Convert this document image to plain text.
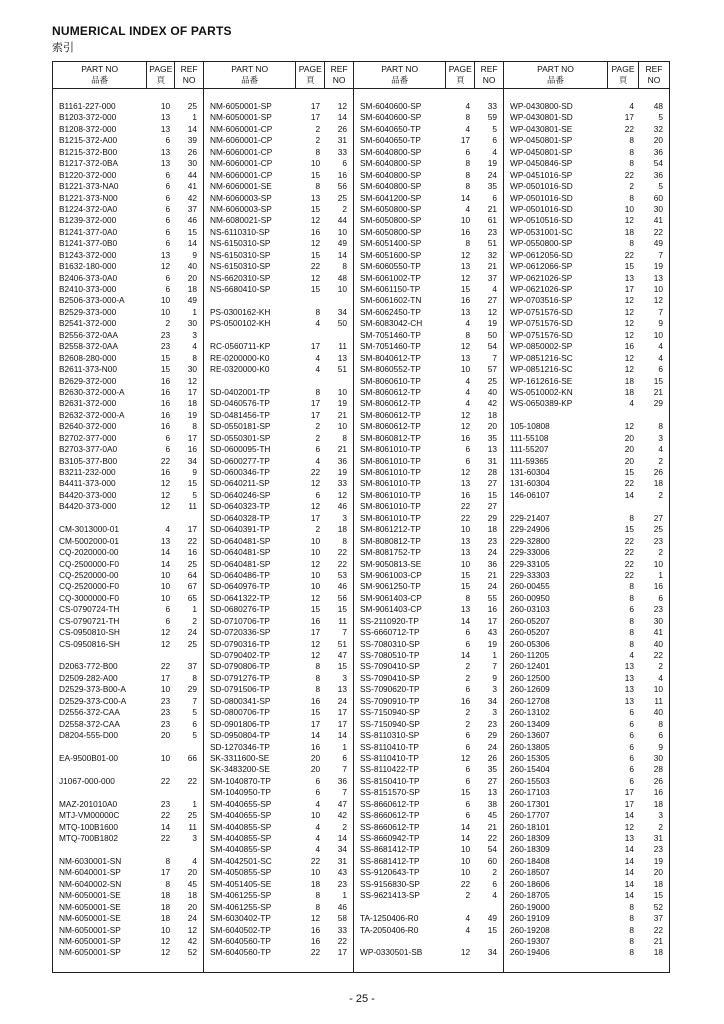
NUMERICAL INDEX OF PARTS
索引
PART NO
品番
PAGE
頁
REF
NO
B1161-227-000	10	25
B1203-372-000	13	1
B1208-372-000	13	14
B1215-372-A00	6	39
B1215-372-B00	13	26
B1217-372-0BA	13	30
B1220-372-000	6	44
B1221-373-NA0	6	41
B1221-373-N00	6	42
B1224-372-0A0	6	37
B1239-372-000	6	46
B1241-377-0A0	6	15
B1241-377-0B0	6	14
B1243-372-000	13	9
B1632-180-000	12	40
B2406-373-0A0	6	20
B2410-373-000	6	18
B2506-373-000-A	10	49
B2529-373-000	10	1
B2541-372-000	2	30
B2556-372-0AA	23	3
B2558-372-0AA	23	4
B2608-280-000	15	8
B2611-373-N00	15	30
B2629-372-000	16	12
B2630-372-000-A	16	17
B2631-372-000	16	18
B2632-372-000-A	16	19
B2640-372-000	16	8
B2702-377-000	6	17
B2703-377-0A0	6	16
B3105-377-B00	22	34
B3211-232-000	16	9
B4411-373-000	12	15
B4420-373-000	12	5
B4420-373-000	12	11
CM-3013000-01	4	17
CM-5002000-01	13	22
CQ-2020000-00	14	16
CQ-2500000-F0	14	25
CQ-2520000-00	10	64
CQ-2520000-F0	10	67
CQ-3000000-F0	10	65
CS-0790724-TH	6	1
CS-0790721-TH	6	2
CS-0950810-SH	12	24
CS-0950816-SH	12	25
D2063-772-B00	22	37
D2509-282-A00	17	8
D2529-373-B00-A	10	29
D2529-373-C00-A	23	7
D2556-372-CAA	23	5
D2558-372-CAA	23	6
D8204-555-D00	20	5
EA-9500B01-00	10	66
J1067-000-000	22	22
MAZ-201010A0	23	1
MTJ-VM00000C	22	25
MTQ-100B1600	14	11
MTQ-700B1802	22	3
NM-6030001-SN	8	4
NM-6040001-SP	17	20
NM-6040002-SN	8	45
NM-6050001-SE	18	18
NM-6050001-SE	18	20
NM-6050001-SE	18	24
NM-6050001-SP	10	12
NM-6050001-SP	12	42
NM-6050001-SP	12	52
PART NO
品番
PAGE
頁
REF
NO
NM-6050001-SP	17	12
NM-6050001-SP	17	14
NM-6060001-CP	2	26
NM-6060001-CP	2	31
NM-6060001-CP	8	33
NM-6060001-CP	10	6
NM-6060001-CP	15	16
NM-6060001-SE	8	56
NM-6060003-SP	13	25
NM-6060003-SP	15	2
NM-6080021-SP	12	44
NS-6110310-SP	16	10
NS-6150310-SP	12	49
NS-6150310-SP	15	14
NS-6150310-SP	22	8
NS-6620310-SP	12	48
NS-6680410-SP	15	10
PS-0300162-KH	8	34
PS-0500102-KH	4	50
RC-0560711-KP	17	11
RE-0200000-K0	4	13
RE-0320000-K0	4	51
SD-0402001-TP	8	10
SD-0460576-TP	17	19
SD-0481456-TP	17	21
SD-0550181-SP	2	10
SD-0550301-SP	2	8
SD-0600095-TH	6	21
SD-0600277-TP	4	36
SD-0600346-TP	22	19
SD-0640211-SP	12	33
SD-0640246-SP	6	12
SD-0640323-TP	12	46
SD-0640328-TP	17	3
SD-0640391-TP	2	18
SD-0640481-SP	10	8
SD-0640481-SP	10	22
SD-0640481-SP	12	22
SD-0640486-TP	10	53
SD-0640976-TP	10	46
SD-0641322-TP	12	56
SD-0680276-TP	15	15
SD-0710706-TP	16	11
SD-0720336-SP	17	7
SD-0790316-TP	12	51
SD-0790402-TP	12	47
SD-0790806-TP	8	15
SD-0791276-TP	8	3
SD-0791506-TP	8	13
SD-0800341-SP	16	24
SD-0800706-TP	15	17
SD-0901806-TP	17	17
SD-0950804-TP	14	14
SD-1270346-TP	16	1
SK-3311600-SE	20	6
SK-3483200-SE	20	7
SM-1040870-TP	6	36
SM-1040950-TP	6	7
SM-4040655-SP	4	47
SM-4040655-SP	10	42
SM-4040855-SP	4	2
SM-4040855-SP	4	14
SM-4040855-SP	4	34
SM-4042501-SC	22	31
SM-4050855-SP	10	43
SM-4051405-SE	18	23
SM-4061255-SP	8	1
SM-4061255-SP	8	46
SM-6030402-TP	12	58
SM-6040502-TP	16	33
SM-6040560-TP	16	22
SM-6040560-TP	22	17
PART NO
品番
PAGE
頁
REF
NO
SM-6040600-SP	4	33
SM-6040600-SP	8	59
SM-6040650-TP	4	5
SM-6040650-TP	17	6
SM-6040800-SP	6	4
SM-6040800-SP	8	19
SM-6040800-SP	8	24
SM-6040800-SP	8	35
SM-6041200-SP	14	6
SM-6050800-SP	4	21
SM-6050800-SP	10	61
SM-6050800-SP	16	23
SM-6051400-SP	8	51
SM-6051600-SP	12	32
SM-6060550-TP	13	21
SM-6061002-TP	12	37
SM-6061150-TP	15	4
SM-6061602-TN	16	27
SM-6062450-TP	13	12
SM-6083042-CH	4	19
SM-7051460-TP	8	50
SM-7051460-TP	12	54
SM-8040612-TP	13	7
SM-8060552-TP	10	57
SM-8060610-TP	4	25
SM-8060612-TP	4	40
SM-8060612-TP	4	42
SM-8060612-TP	12	18
SM-8060612-TP	12	20
SM-8060812-TP	16	35
SM-8061010-TP	6	13
SM-8061010-TP	6	31
SM-8061010-TP	12	28
SM-8061010-TP	13	27
SM-8061010-TP	16	15
SM-8061010-TP	22	27
SM-8061010-TP	22	29
SM-8061212-TP	10	18
SM-8080812-TP	13	23
SM-8081752-TP	13	24
SM-9050813-SE	10	36
SM-9061003-CP	15	21
SM-9061250-TP	15	24
SM-9061403-CP	8	55
SM-9061403-CP	13	16
SS-2110920-TP	14	17
SS-6660712-TP	6	43
SS-7080310-SP	6	19
SS-7080510-TP	14	1
SS-7090410-SP	2	7
SS-7090410-SP	2	9
SS-7090620-TP	6	3
SS-7090910-TP	16	34
SS-7150940-SP	2	3
SS-7150940-SP	2	23
SS-8110310-SP	6	29
SS-8110410-TP	6	24
SS-8110410-TP	12	26
SS-8110422-TP	6	35
SS-8150410-TP	6	27
SS-8151570-SP	15	13
SS-8660612-TP	6	38
SS-8660612-TP	6	45
SS-8660612-TP	14	21
SS-8660942-TP	14	22
SS-8681412-TP	10	54
SS-8681412-TP	10	60
SS-9120643-TP	10	2
SS-9156830-SP	22	6
SS-9621413-SP	2	4
TA-1250406-R0	4	49
TA-2050406-R0	4	15
WP-0330501-SB	12	34
PART NO
品番
PAGE
頁
REF
NO
WP-0430800-SD	4	48
WP-0430801-SD	17	5
WP-0430801-SE	22	32
WP-0450801-SP	8	20
WP-0450801-SP	8	36
WP-0450846-SP	8	54
WP-0451016-SP	22	36
WP-0501016-SD	2	5
WP-0501016-SD	8	60
WP-0501016-SD	10	30
WP-0510516-SD	12	41
WP-0531001-SC	18	22
WP-0550800-SP	8	49
WP-0612056-SD	22	7
WP-0612066-SP	15	19
WP-0621026-SP	13	13
WP-0621026-SP	17	10
WP-0703516-SP	12	12
WP-0751576-SD	12	7
WP-0751576-SD	12	9
WP-0751576-SD	12	10
WP-0850002-SP	16	4
WP-0851216-SC	12	4
WP-0851216-SC	12	6
WP-1612616-SE	18	15
WS-0510002-KN	18	21
WS-0650389-KP	4	29
105-10808	12	8
111-55108	20	3
111-55207	20	4
111-59365	20	2
131-60304	15	26
131-60304	22	18
146-06107	14	2
229-21407	8	27
229-24906	15	25
229-32800	22	23
229-33006	22	2
229-33105	22	10
229-33303	22	1
260-00455	8	16
260-00950	8	6
260-03103	6	23
260-05207	8	30
260-05207	8	41
260-05306	8	40
260-11205	4	22
260-12401	13	2
260-12500	13	4
260-12609	13	10
260-12708	13	11
260-13102	6	40
260-13409	6	8
260-13607	6	6
260-13805	6	9
260-15305	6	30
260-15404	6	28
260-15503	6	26
260-17103	17	16
260-17301	17	18
260-17707	14	3
260-18101	12	2
260-18309	13	31
260-18309	14	23
260-18408	14	19
260-18507	14	20
260-18606	14	18
260-18705	14	15
260-19000	8	52
260-19109	8	37
260-19208	8	22
260-19307	8	21
260-19406	8	18
- 25 -
